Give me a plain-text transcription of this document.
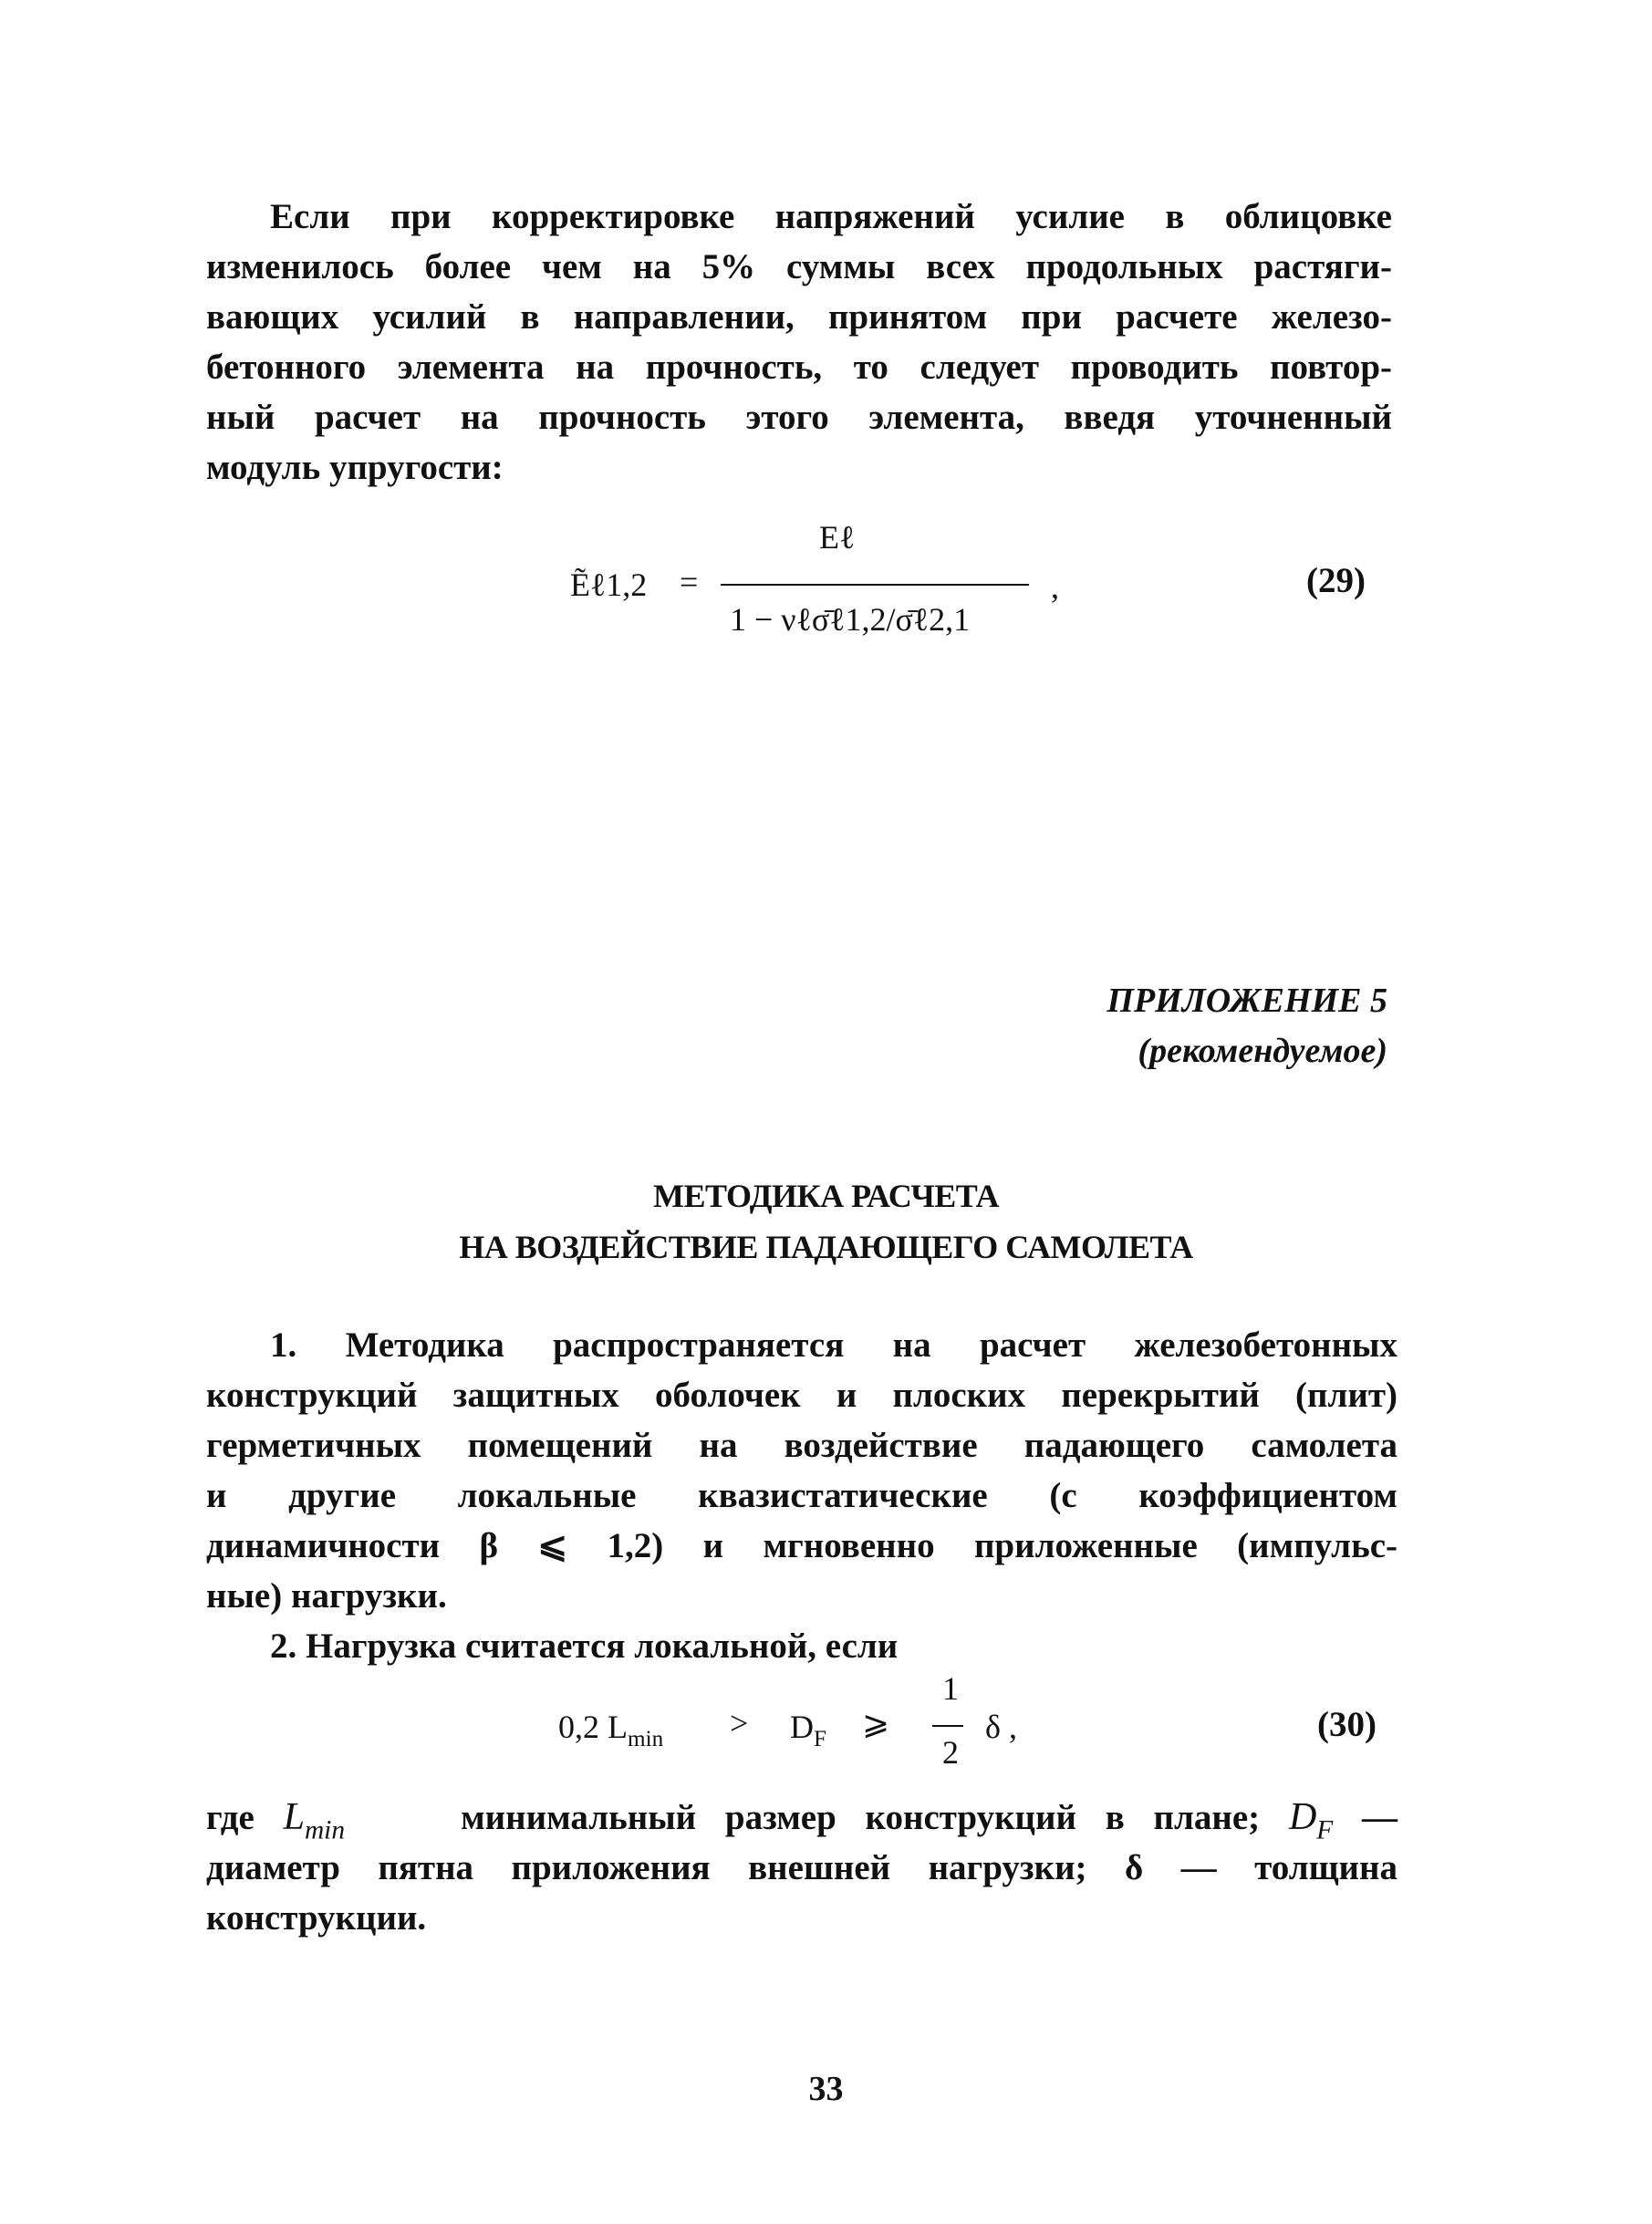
Если при корректировке напряжений усилие в облицовке
изменилось более чем на 5% суммы всех продольных растяги-
вающих усилий в направлении, принятом при расчете железо-
бетонного элемента на прочность, то следует проводить повтор-
ный расчет на прочность этого элемента, введя уточненный
модуль упругости:
Ẽℓ1,2 =
Eℓ
1 − νℓσ̄ℓ1,2/σ̄ℓ2,1
,	(29)
ПРИЛОЖЕНИЕ 5
(рекомендуемое)
МЕТОДИКА РАСЧЕТА
НА ВОЗДЕЙСТВИЕ ПАДАЮЩЕГО САМОЛЕТА
1. Методика распространяется на расчет железобетонных
конструкций защитных оболочек и плоских перекрытий (плит)
герметичных помещений на воздействие падающего самолета
и другие локальные квазистатические (с коэффициентом
динамичности β ⩽ 1,2) и мгновенно приложенные (импульс-
ные) нагрузки.
2. Нагрузка считается локальной, если
0,2 $L_{min} > D_F$ ⩾
1
2
δ ,	(30)
где $L_{min}$    минимальный размер конструкций в плане; $D_F$ —
диаметр пятна приложения внешней нагрузки; δ — толщина
конструкции.
33
